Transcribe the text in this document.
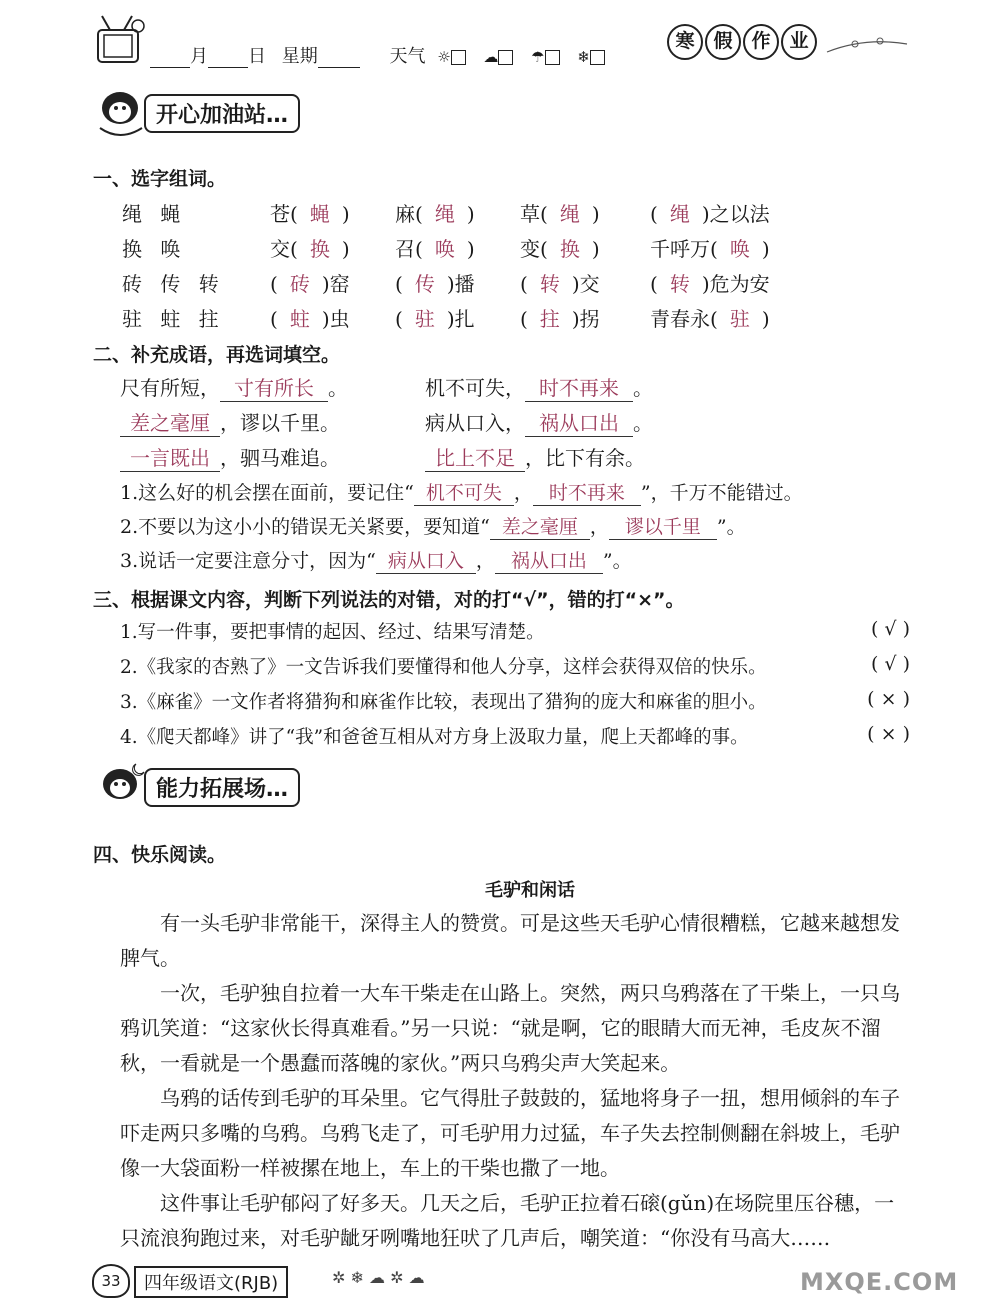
月 日 星期	天气 ☼ ☁ ☂ ❄
寒 假 作 业
开心加油站…
一、选字组词。
绳 蝇	苍( 蝇 ) 麻( 绳 ) 草( 绳 )	( 绳 )之以法
换 唤	交( 换 ) 召( 唤 ) 变( 换 )	千呼万( 唤 )
砖 传 转 ( 砖 )窑 ( 传 )播 ( 转 )交	( 转 )危为安
驻 蛀 拄 ( 蛀 )虫 ( 驻 )扎 ( 拄 )拐	青春永( 驻 )
二、补充成语，再选词填空。
尺有所短， 寸有所长 。	机不可失， 时不再来 。
差之毫厘 ，谬以千里。	病从口入， 祸从口出 。
一言既出 ，驷马难追。	比上不足 ，比下有余。
1.这么好的机会摆在面前，要记住“ 机不可失 ， 时不再来 ”，千万不能错过。
2.不要以为这小小的错误无关紧要，要知道“ 差之毫厘 ， 谬以千里 ”。
3.说话一定要注意分寸，因为“ 病从口入 ， 祸从口出 ”。
三、根据课文内容，判断下列说法的对错，对的打“√”，错的打“×”。
1.写一件事，要把事情的起因、经过、结果写清楚。	( √ )
2.《我家的杏熟了》一文告诉我们要懂得和他人分享，这样会获得双倍的快乐。	( √ )
3.《麻雀》一文作者将猎狗和麻雀作比较，表现出了猎狗的庞大和麻雀的胆小。	( × )
4.《爬天都峰》讲了“我”和爸爸互相从对方身上汲取力量，爬上天都峰的事。	( × )
能力拓展场…
四、快乐阅读。
毛驴和闲话
有一头毛驴非常能干，深得主人的赞赏。可是这些天毛驴心情很糟糕，它越来越想发脾气。
一次，毛驴独自拉着一大车干柴走在山路上。突然，两只乌鸦落在了干柴上，一只乌鸦讥笑道：“这家伙长得真难看。”另一只说：“就是啊，它的眼睛大而无神，毛皮灰不溜秋，一看就是一个愚蠢而落魄的家伙。”两只乌鸦尖声大笑起来。
乌鸦的话传到毛驴的耳朵里。它气得肚子鼓鼓的，猛地将身子一扭，想用倾斜的车子吓走两只多嘴的乌鸦。乌鸦飞走了，可毛驴用力过猛，车子失去控制侧翻在斜坡上，毛驴像一大袋面粉一样被摞在地上，车上的干柴也撒了一地。
这件事让毛驴郁闷了好多天。几天之后，毛驴正拉着石磙(gǔn)在场院里压谷穗，一只流浪狗跑过来，对毛驴龇牙咧嘴地狂吠了几声后，嘲笑道：“你没有马高大……
33	四年级语文(RJB)	✲ ❄ ☁ ✲ ☁	MXQE.COM
